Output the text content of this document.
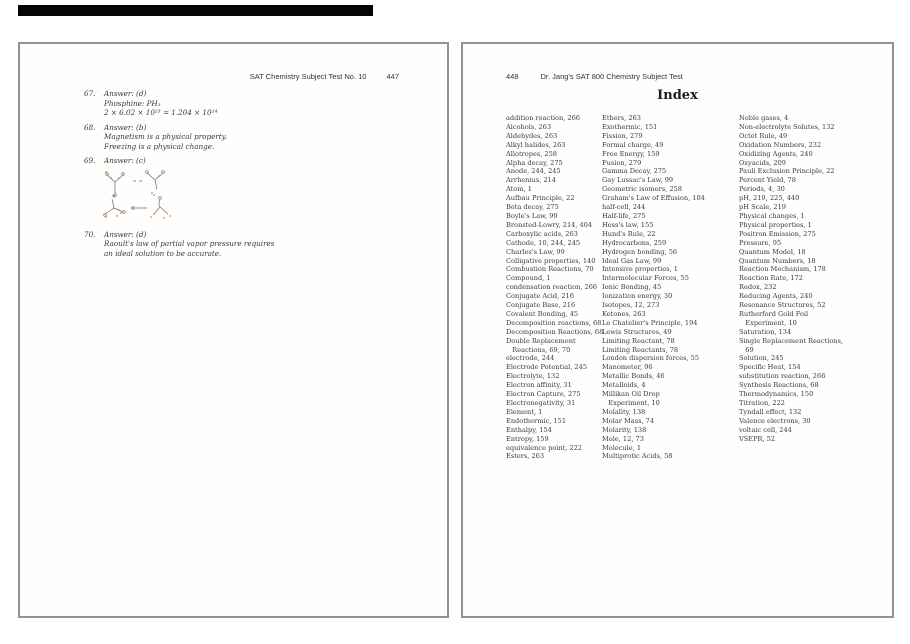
SAT Chemistry Subject Test No. 10	447
67.	Answer: (d)
Phosphine: PH₃
2 × 6.02 × 10²³ = 1.204 × 10²⁴
68.	Answer: (b)
Magnetism is a physical property.
Freezing is a physical change.
69.	Answer: (c)
70.	Answer: (d)
Raoult's law of partial vapor pressure requires
an ideal solution to be accurate.
448	Dr. Jang's SAT 800 Chemistry Subject Test
Index
addition reaction, 266
Alcohols, 263
Aldehydes, 263
Alkyl halides, 263
Allotropes, 258
Alpha decay, 275
Anode, 244, 245
Arrhenius, 214
Atom, 1
Aufbau Principle, 22
Beta decay, 275
Boyle's Law, 99
Bronsted-Lowry, 214, 404
Carboxylic acids, 263
Cathode, 10, 244, 245
Charles's Law, 99
Colligative properties, 140
Combustion Reactions, 70
Compound, 1
condensation reaction, 266
Conjugate Acid, 216
Conjugate Base, 216
Covalent Bonding, 45
Decomposition reactions, 68
Decomposition Reactions, 68
Double Replacement
Reactions, 69, 70
electrode, 244
Electrode Potential, 245
Electrolyte, 132
Electron affinity, 31
Electron Capture, 275
Electronegativity, 31
Element, 1
Endothermic, 151
Enthalpy, 154
Entropy, 159
equivalence point, 222
Esters, 263
Ethers, 263
Exothermic, 151
Fission, 279
Formal charge, 49
Free Energy, 159
Fusion, 279
Gamma Decay, 275
Gay Lussac's Law, 99
Geometric isomers, 258
Graham's Law of Effusion, 104
half-cell, 244
Half-life, 275
Hess's law, 155
Hund's Rule, 22
Hydrocarbons, 259
Hydrogen bonding, 56
Ideal Gas Law, 99
Intensive properties, 1
Intermolecular Forces, 55
Ionic Bonding, 45
Ionization energy, 30
Isotopes, 12, 273
Ketones, 263
Le Chatelier's Principle, 194
Lewis Structures, 49
Limiting Reactant, 78
Limiting Reactants, 78
London dispersion forces, 55
Manometer, 96
Metallic Bonds, 46
Metalloids, 4
Millikan Oil Drop
Experiment, 10
Molality, 138
Molar Mass, 74
Molarity, 138
Mole, 12, 73
Molecule, 1
Multiprotic Acids, 58
Noble gases, 4
Non-electrolyte Solutes, 132
Octet Rule, 49
Oxidation Numbers, 232
Oxidizing Agents, 240
Oxyacids, 209
Pauli Exclusion Principle, 22
Percent Yield, 78
Periods, 4, 30
pH, 219, 225, 440
pH Scale, 219
Physical changes, 1
Physical properties, 1
Positron Emission, 275
Pressure, 95
Quantum Model, 18
Quantum Numbers, 18
Reaction Mechanism, 178
Reaction Rate, 172
Redox, 232
Reducing Agents, 240
Resonance Structures, 52
Rutherford Gold Foil
Experiment, 10
Saturation, 134
Single Replacement Reactions,
69
Solution, 245
Specific Heat, 154
substitution reaction, 266
Synthesis Reactions, 68
Thermodynamics, 150
Titration, 222
Tyndall effect, 132
Valence electrons, 30
voltaic cell, 244
VSEPR, 52
